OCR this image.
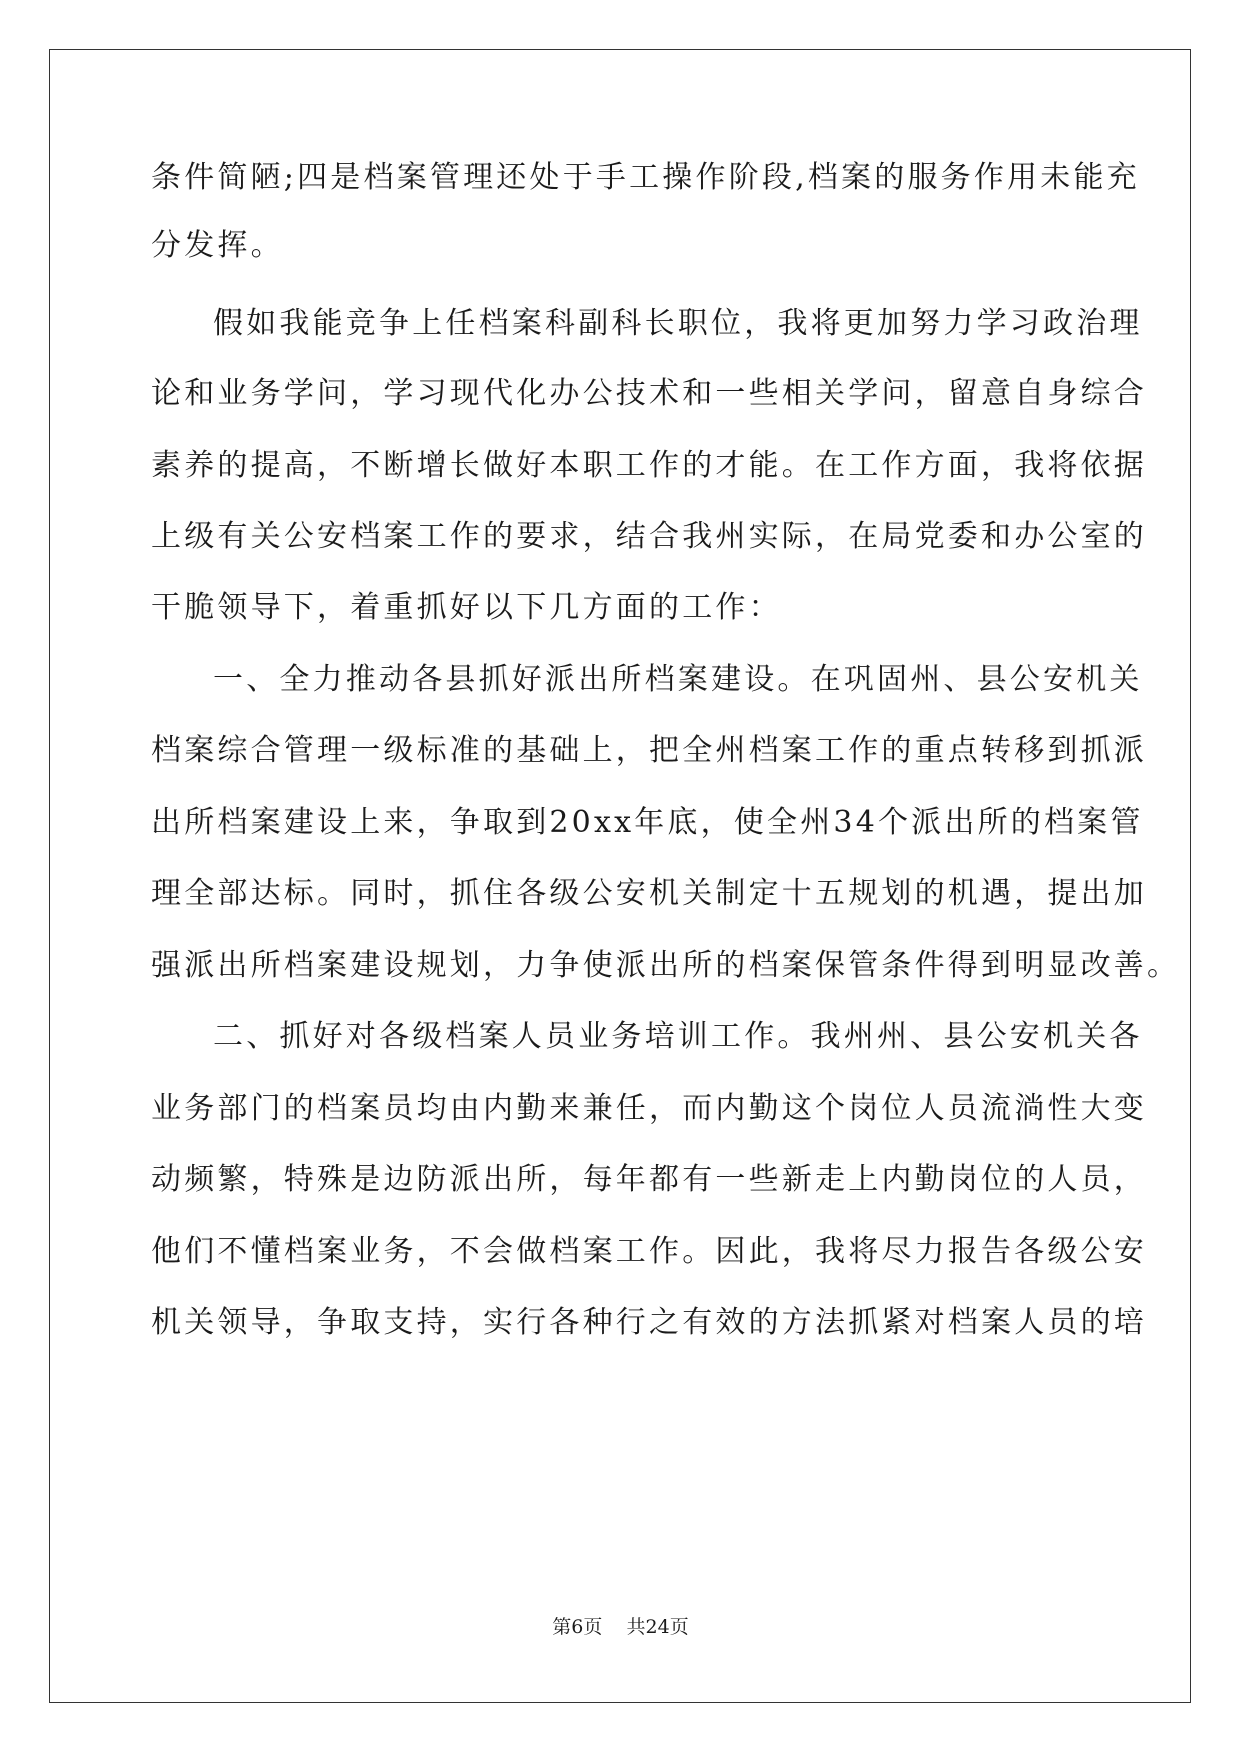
条件简陋;四是档案管理还处于手工操作阶段,档案的服务作用未能充
分发挥。
假如我能竞争上任档案科副科长职位，我将更加努力学习政治理
论和业务学问，学习现代化办公技术和一些相关学问，留意自身综合
素养的提高，不断增长做好本职工作的才能。在工作方面，我将依据
上级有关公安档案工作的要求，结合我州实际，在局党委和办公室的
干脆领导下，着重抓好以下几方面的工作：
一、全力推动各县抓好派出所档案建设。在巩固州、县公安机关
档案综合管理一级标准的基础上，把全州档案工作的重点转移到抓派
出所档案建设上来，争取到20xx年底，使全州34个派出所的档案管
理全部达标。同时，抓住各级公安机关制定十五规划的机遇，提出加
强派出所档案建设规划，力争使派出所的档案保管条件得到明显改善。
二、抓好对各级档案人员业务培训工作。我州州、县公安机关各
业务部门的档案员均由内勤来兼任，而内勤这个岗位人员流淌性大变
动频繁，特殊是边防派出所，每年都有一些新走上内勤岗位的人员，
他们不懂档案业务，不会做档案工作。因此，我将尽力报告各级公安
机关领导，争取支持，实行各种行之有效的方法抓紧对档案人员的培
第6页 共24页
